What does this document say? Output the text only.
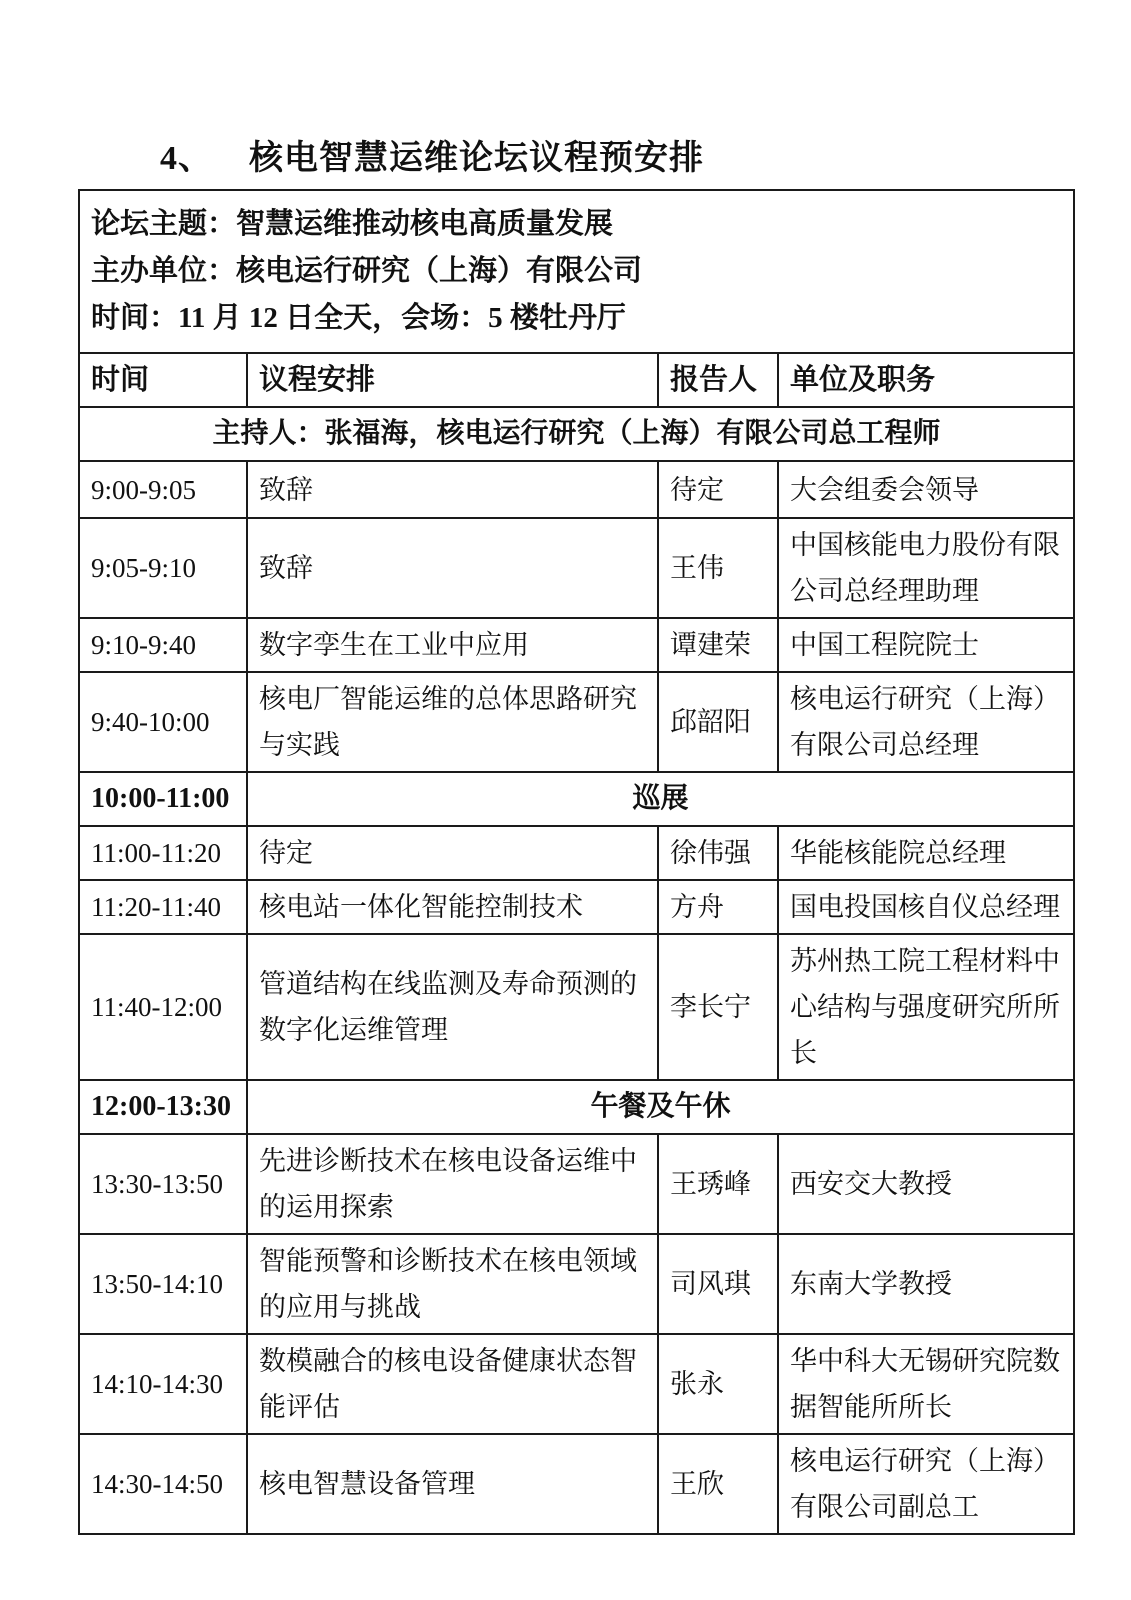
4、 核电智慧运维论坛议程预安排
论坛主题：智慧运维推动核电高质量发展
主办单位：核电运行研究（上海）有限公司
时间：11 月 12 日全天，会场：5 楼牡丹厅			

时间	议程安排	报告人	单位及职务
主持人：张福海，核电运行研究（上海）有限公司总工程师			
9:00-9:05	致辞	待定	大会组委会领导
9:05-9:10	致辞	王伟	中国核能电力股份有限公司总经理助理
9:10-9:40	数字孪生在工业中应用	谭建荣	中国工程院院士
9:40-10:00	核电厂智能运维的总体思路研究与实践	邱韶阳	核电运行研究（上海）有限公司总经理
10:00-11:00	巡展		
11:00-11:20	待定	徐伟强	华能核能院总经理
11:20-11:40	核电站一体化智能控制技术	方舟	国电投国核自仪总经理
11:40-12:00	管道结构在线监测及寿命预测的数字化运维管理	李长宁	苏州热工院工程材料中心结构与强度研究所所长
12:00-13:30	午餐及午休		
13:30-13:50	先进诊断技术在核电设备运维中的运用探索	王琇峰	西安交大教授
13:50-14:10	智能预警和诊断技术在核电领域的应用与挑战	司风琪	东南大学教授
14:10-14:30	数模融合的核电设备健康状态智能评估	张永	华中科大无锡研究院数据智能所所长
14:30-14:50	核电智慧设备管理	王欣	核电运行研究（上海）有限公司副总工
